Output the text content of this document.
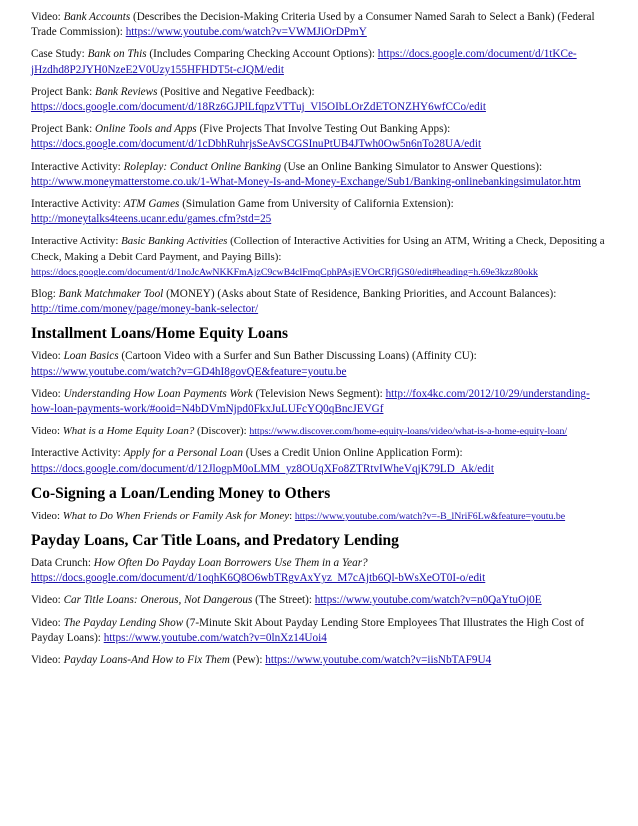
Video: Bank Accounts (Describes the Decision-Making Criteria Used by a Consumer Named Sarah to Select a Bank) (Federal Trade Commission): https://www.youtube.com/watch?v=VWMJiOrDPmY

Case Study: Bank on This (Includes Comparing Checking Account Options): https://docs.google.com/document/d/1tKCe-jHzdhd8P2JYH0NzeE2V0Uzy155HFHDT5t-cJQM/edit

Project Bank: Bank Reviews (Positive and Negative Feedback): https://docs.google.com/document/d/18Rz6GJPlLfqpzVTTuj_Vl5OIbLOrZdETONZHY6wfCCo/edit

Project Bank: Online Tools and Apps (Five Projects That Involve Testing Out Banking Apps): https://docs.google.com/document/d/1cDbhRuhrjsSeAvSCGSInuPtUB4JTwh0Ow5n6nTo28UA/edit

Interactive Activity: Roleplay: Conduct Online Banking (Use an Online Banking Simulator to Answer Questions): http://www.moneymatterstome.co.uk/1-What-Money-Is-and-Money-Exchange/Sub1/Banking-onlinebankingsimulator.htm

Interactive Activity: ATM Games (Simulation Game from University of California Extension): http://moneytalks4teens.ucanr.edu/games.cfm?std=25

Interactive Activity: Basic Banking Activities (Collection of Interactive Activities for Using an ATM, Writing a Check, Depositing a Check, Making a Debit Card Payment, and Paying Bills): https://docs.google.com/document/d/1noJcAwNKKFmAjzC9cwB4clFmqCphPAsjEVOrCRfjGS0/edit#heading=h.69e3kzz80okk

Blog: Bank Matchmaker Tool (MONEY) (Asks about State of Residence, Banking Priorities, and Account Balances): http://time.com/money/page/money-bank-selector/

Installment Loans/Home Equity Loans

Video: Loan Basics (Cartoon Video with a Surfer and Sun Bather Discussing Loans) (Affinity CU): https://www.youtube.com/watch?v=GD4hI8govQE&feature=youtu.be

Video: Understanding How Loan Payments Work (Television News Segment): http://fox4kc.com/2012/10/29/understanding-how-loan-payments-work/#ooid=N4bDVmNjpd0FkxJuLUFcYQ0qBncJEVGf

Video: What is a Home Equity Loan? (Discover): https://www.discover.com/home-equity-loans/video/what-is-a-home-equity-loan/

Interactive Activity: Apply for a Personal Loan (Uses a Credit Union Online Application Form): https://docs.google.com/document/d/12JlogpM0oLMM_yz8OUqXFo8ZTRtvIWheVqjK79LD_Ak/edit

Co-Signing a Loan/Lending Money to Others

Video: What to Do When Friends or Family Ask for Money: https://www.youtube.com/watch?v=-B_lNriF6Lw&feature=youtu.be

Payday Loans, Car Title Loans, and Predatory Lending

Data Crunch: How Often Do Payday Loan Borrowers Use Them in a Year? https://docs.google.com/document/d/1oqhK6Q8O6wbTRgvAxYyz_M7cAjtb6Ql-bWsXeOT0I-o/edit

Video: Car Title Loans: Onerous, Not Dangerous (The Street): https://www.youtube.com/watch?v=n0QaYtuOj0E

Video: The Payday Lending Show (7-Minute Skit About Payday Lending Store Employees That Illustrates the High Cost of Payday Loans): https://www.youtube.com/watch?v=0lnXz14Uoi4

Video: Payday Loans-And How to Fix Them (Pew): https://www.youtube.com/watch?v=iisNbTAF9U4
